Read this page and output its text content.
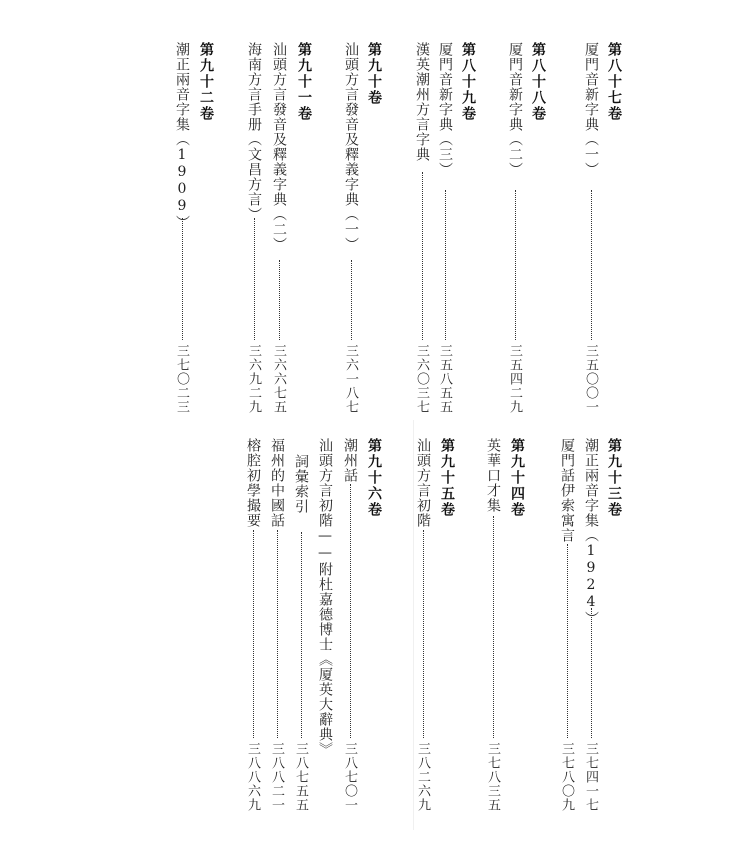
第八十七卷
厦門音新字典（一）
三五〇〇一
第八十八卷
厦門音新字典（二）
三五四二九
第八十九卷
厦門音新字典（三）
三五八五五
漢英潮州方言字典
三六〇三七
第九十卷
汕頭方言發音及釋義字典（一）
三六一八七
第九十一卷
汕頭方言發音及釋義字典（二）
三六六七五
海南方言手册（文昌方言）
三六九二九
第九十二卷
潮正兩音字集（1909）
三七〇二三
第九十三卷
潮正兩音字集（1924）
三七四一七
厦門話伊索寓言
三七八〇九
第九十四卷
英華口才集
三七八三五
第九十五卷
汕頭方言初階
三八二六九
第九十六卷
潮州話
三八七〇一
汕頭方言初階——附杜嘉德博士《厦英大辭典》
詞彙索引
三八七五五
福州的中國話
三八八二一
榕腔初學撮要
三八八六九
